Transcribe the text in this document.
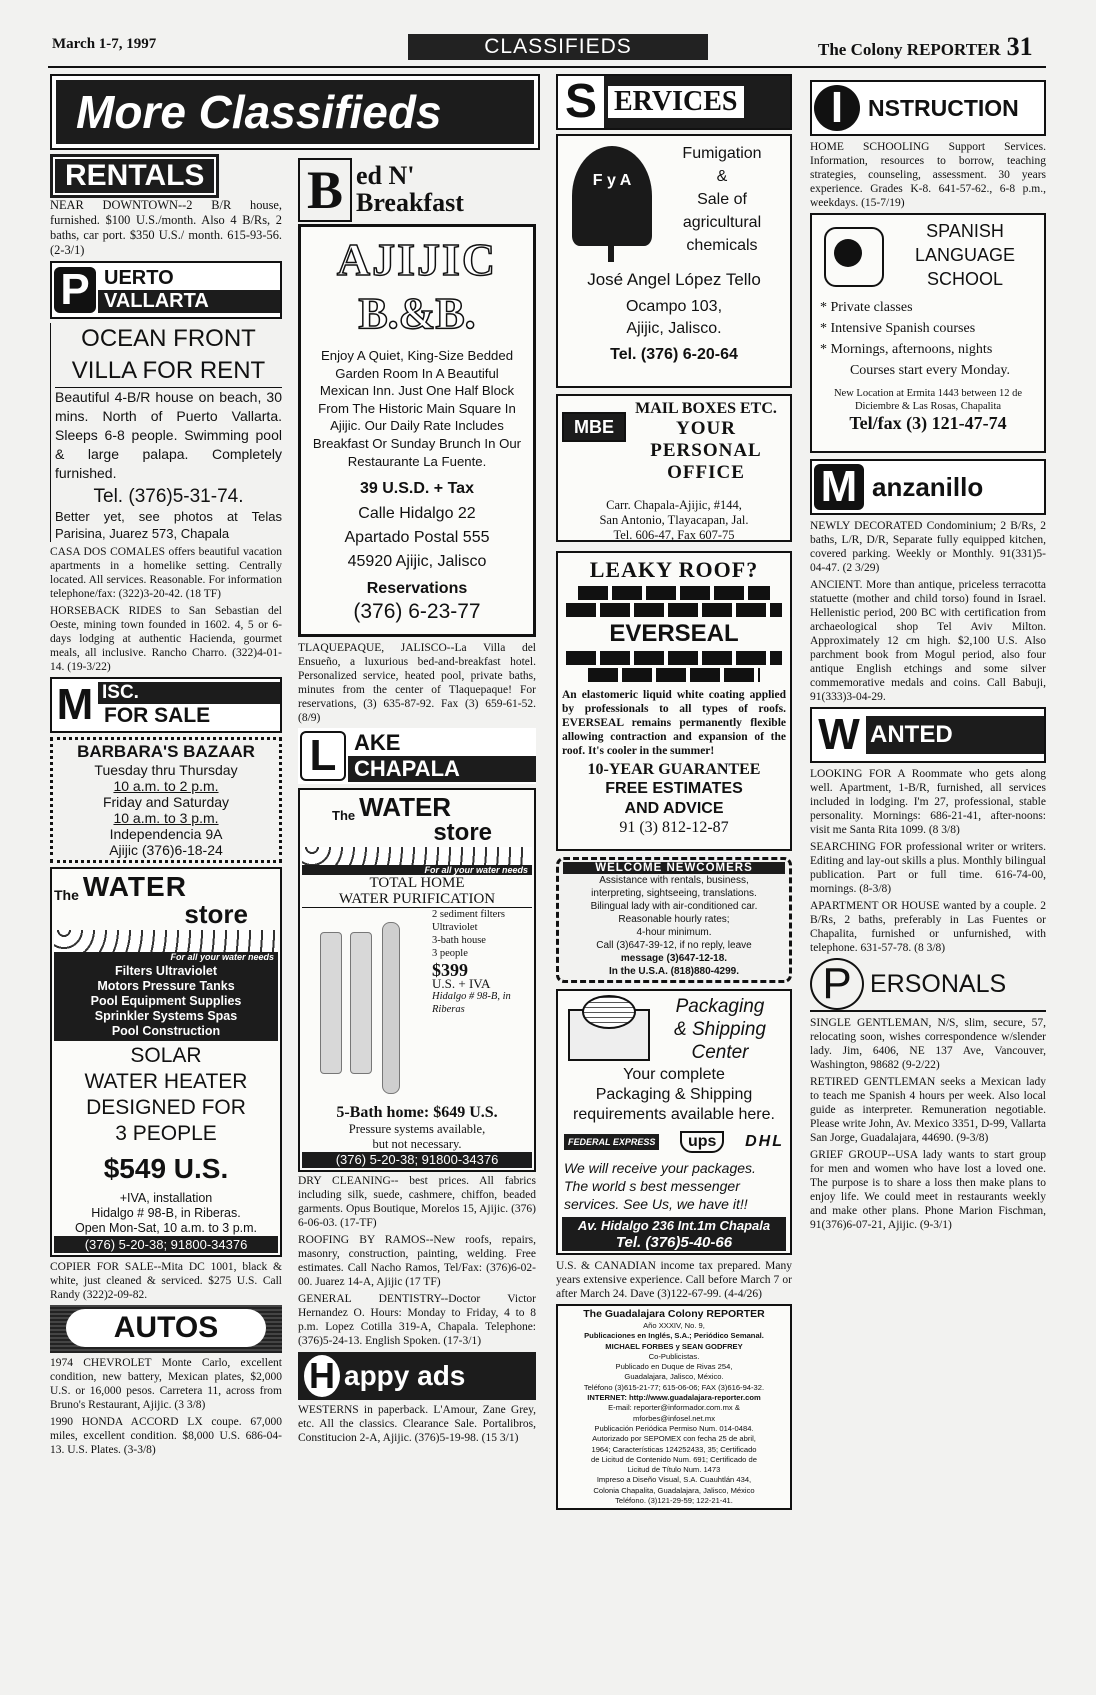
March 1-7, 1997	CLASSIFIEDS	The Colony REPORTER 31
More Classifieds
RENTALS

NEAR DOWNTOWN--2 B/R house, furnished. $100 U.S./month. Also 4 B/Rs, 2 baths, car port. $350 U.S./ month. 615-93-56. (2-3/1)

P UERTO
VALLARTA
OCEAN FRONT
VILLA FOR RENT

Beautiful 4-B/R house on beach, 30 mins. North of Puerto Vallarta. Sleeps 6-8 people. Swimming pool & large palapa. Completely furnished.

Tel. (376)5-31-74.

Better yet, see photos at Telas Parisina, Juarez 573, Chapala

CASA DOS COMALES offers beautiful vacation apartments in a homelike setting. Centrally located. All services. Reasonable. For information telephone/fax: (322)3-20-42. (18 TF)

HORSEBACK RIDES to San Sebastian del Oeste, mining town founded in 1602. 4, 5 or 6-days lodging at authentic Hacienda, gourmet meals, all inclusive. Rancho Charro. (322)4-01-14. (19-3/22)

M ISC.
FOR SALE
BARBARA'S BAZAAR
Tuesday thru Thursday
10 a.m. to 2 p.m.
Friday and Saturday
10 a.m. to 3 p.m.
Independencia 9A
Ajijic (376)6-18-24
The WATER
store
For all your water needs
Filters Ultraviolet
Motors Pressure Tanks
Pool Equipment Supplies
Sprinkler Systems Spas
Pool Construction
SOLAR
WATER HEATER
DESIGNED FOR
3 PEOPLE
$549 U.S.
+IVA, installation
Hidalgo # 98-B, in Riberas.
Open Mon-Sat, 10 a.m. to 3 p.m.
(376) 5-20-38; 91800-34376

COPIER FOR SALE--Mita DC 1001, black & white, just cleaned & serviced. $275 U.S. Call Randy (322)2-09-82.

AUTOS

1974 CHEVROLET Monte Carlo, excellent condition, new battery, Mexican plates, $2,000 U.S. or 16,000 pesos. Carretera 11, across from Bruno's Restaurant, Ajijic. (3 3/8)

1990 HONDA ACCORD LX coupe. 67,000 miles, excellent condition. $8,000 U.S. 686-04-13. U.S. Plates. (3-3/8)

B ed N'
Breakfast
AJIJIC
B.&B.
Enjoy A Quiet, King-Size Bedded Garden Room In A Beautiful Mexican Inn. Just One Half Block From The Historic Main Square In Ajijic. Our Daily Rate Includes Breakfast Or Sunday Brunch In Our Restaurante La Fuente.
39 U.S.D. + Tax
Calle Hidalgo 22
Apartado Postal 555
45920 Ajijic, Jalisco
Reservations
(376) 6-23-77

TLAQUEPAQUE, JALISCO--La Villa del Ensueño, a luxurious bed-and-breakfast hotel. Personalized service, heated pool, private baths, minutes from the center of Tlaquepaque! For reservations, (3) 635-87-92. Fax (3) 659-61-52. (8/9)

L AKE
CHAPALA
The WATER
store
For all your water needs
TOTAL HOME
WATER PURIFICATION
2 sediment filters
Ultraviolet
3-bath house
3 people
$399
U.S. + IVA
Hidalgo # 98-B, in Riberas
5-Bath home: $649 U.S.
Pressure systems available,
but not necessary.
(376) 5-20-38; 91800-34376

DRY CLEANING-- best prices. All fabrics including silk, suede, cashmere, chiffon, beaded garments. Opus Boutique, Morelos 15, Ajijic. (376) 6-06-03. (17-TF)

ROOFING BY RAMOS--New roofs, repairs, masonry, construction, painting, welding. Free estimates. Call Nacho Ramos, Tel/Fax: (376)6-02-00. Juarez 14-A, Ajijic (17 TF)

GENERAL DENTISTRY--Doctor Victor Hernandez O. Hours: Monday to Friday, 4 to 8 p.m. Lopez Cotilla 319-A, Chapala. Telephone: (376)5-24-13. English Spoken. (17-3/1)

H appy ads

WESTERNS in paperback. L'Amour, Zane Grey, etc. All the classics. Clearance Sale. Portalibros, Constitucion 2-A, Ajijic. (376)5-19-98. (15 3/1)

S ERVICES
F y A
Fumigation
&
Sale of
agricultural
chemicals
José Angel López Tello
Ocampo 103,
Ajijic, Jalisco.
Tel. (376) 6-20-64
MBE
MAIL BOXES ETC.
YOUR
PERSONAL
OFFICE
Carr. Chapala-Ajijic, #144,
San Antonio, Tlayacapan, Jal.
Tel. 606-47, Fax 607-75
LEAKY ROOF?
EVERSEAL

An elastomeric liquid white coating applied by professionals to all types of roofs. EVERSEAL remains permanently flexible allowing contraction and expansion of the roof. It's cooler in the summer!

10-YEAR GUARANTEE
FREE ESTIMATES
AND ADVICE
91 (3) 812-12-87
WELCOME NEWCOMERS
Assistance with rentals, business,
interpreting, sightseeing, translations.
Bilingual lady with air-conditioned car.
Reasonable hourly rates;
4-hour minimum.
Call (3)647-39-12, if no reply, leave
message (3)647-12-18.
In the U.S.A. (818)880-4299.
Packaging
& Shipping
Center
Your complete
Packaging & Shipping
requirements available here.
FEDERAL EXPRESS	ups	DHL
We will receive your packages.
The world s best messenger
services. See Us, we have it!!
Av. Hidalgo 236 Int.1m Chapala
Tel. (376)5-40-66

U.S. & CANADIAN income tax prepared. Many years extensive experience. Call before March 7 or after March 24. Dave (3)122-67-99. (4-4/26)

The Guadalajara Colony REPORTER
Año XXXIV, No. 9,
Publicaciones en Inglés, S.A.; Periódico Semanal.
MICHAEL FORBES y SEAN GODFREY
Co-Publicistas.
Publicado en Duque de Rivas 254,
Guadalajara, Jalisco, México.
Teléfono (3)615-21-77; 615-06-06; FAX (3)616-94-32.
INTERNET: http://www.guadalajara-reporter.com
E-mail: reporter@informador.com.mx &
mforbes@infosel.net.mx
Publicación Periódica Permiso Num. 014-0484.
Autorizado por SEPOMEX con fecha 25 de abril,
1964; Características 124252433, 35; Certificado
de Licitud de Contenido Num. 691; Certificado de
Licitud de Título Num. 1473
Impreso a Diseño Visual, S.A. Cuauhtlán 434,
Colonia Chapalita, Guadalajara, Jalisco, México
Teléfono. (3)121-29-59; 122-21-41.
I	NSTRUCTION

HOME SCHOOLING Support Services. Information, resources to borrow, teaching strategies, counseling, assessment. 30 years experience. Grades K-8. 641-57-62., 6-8 p.m., weekdays. (15-7/19)

SPANISH
LANGUAGE
SCHOOL
* Private classes
* Intensive Spanish courses
* Mornings, afternoons, nights
Courses start every Monday.
New Location at Ermita 1443 between 12 de Diciembre & Las Rosas, Chapalita
Tel/fax (3) 121-47-74
M anzanillo

NEWLY DECORATED Condominium; 2 B/Rs, 2 baths, L/R, D/R, Separate fully equipped kitchen, covered parking. Weekly or Monthly. 91(331)5-04-47. (2 3/29)

ANCIENT. More than antique, priceless terracotta statuette (mother and child torso) found in Israel. Hellenistic period, 200 BC with certification from archaeological shop Tel Aviv Milton. Approximately 12 cm high. $2,100 U.S. Also parchment book from Mogul period, also four antique English etchings and some silver commemorative medals and coins. Call Babuji, 91(333)3-04-29.

W ANTED

LOOKING FOR A Roommate who gets along well. Apartment, 1-B/R, furnished, all services included in lodging. I'm 27, professional, stable personality. Mornings: 686-21-41, after-noons: visit me Santa Rita 1099. (8 3/8)

SEARCHING FOR professional writer or writers. Editing and lay-out skills a plus. Monthly bilingual publication. Part or full time. 616-74-00, mornings. (8-3/8)

APARTMENT OR HOUSE wanted by a couple. 2 B/Rs, 2 baths, preferably in Las Fuentes or Chapalita, furnished or unfurnished, with telephone. 631-57-78. (8 3/8)

P ERSONALS

SINGLE GENTLEMAN, N/S, slim, secure, 57, relocating soon, wishes correspondence w/slender lady. Jim, 6406, NE 137 Ave, Vancouver, Washington, 98682 (9-2/22)

RETIRED GENTLEMAN seeks a Mexican lady to teach me Spanish 4 hours per week. Also local guide as interpreter. Remuneration negotiable. Please write John, Av. Mexico 3351, D-99, Vallarta San Jorge, Guadalajara, 44690. (9-3/8)

GRIEF GROUP--USA lady wants to start group for men and women who have lost a loved one. The purpose is to share a loss then make plans to enjoy life. We could meet in restaurants weekly and make other plans. Phone Marion Fischman, 91(376)6-07-21, Ajijic. (9-3/1)
